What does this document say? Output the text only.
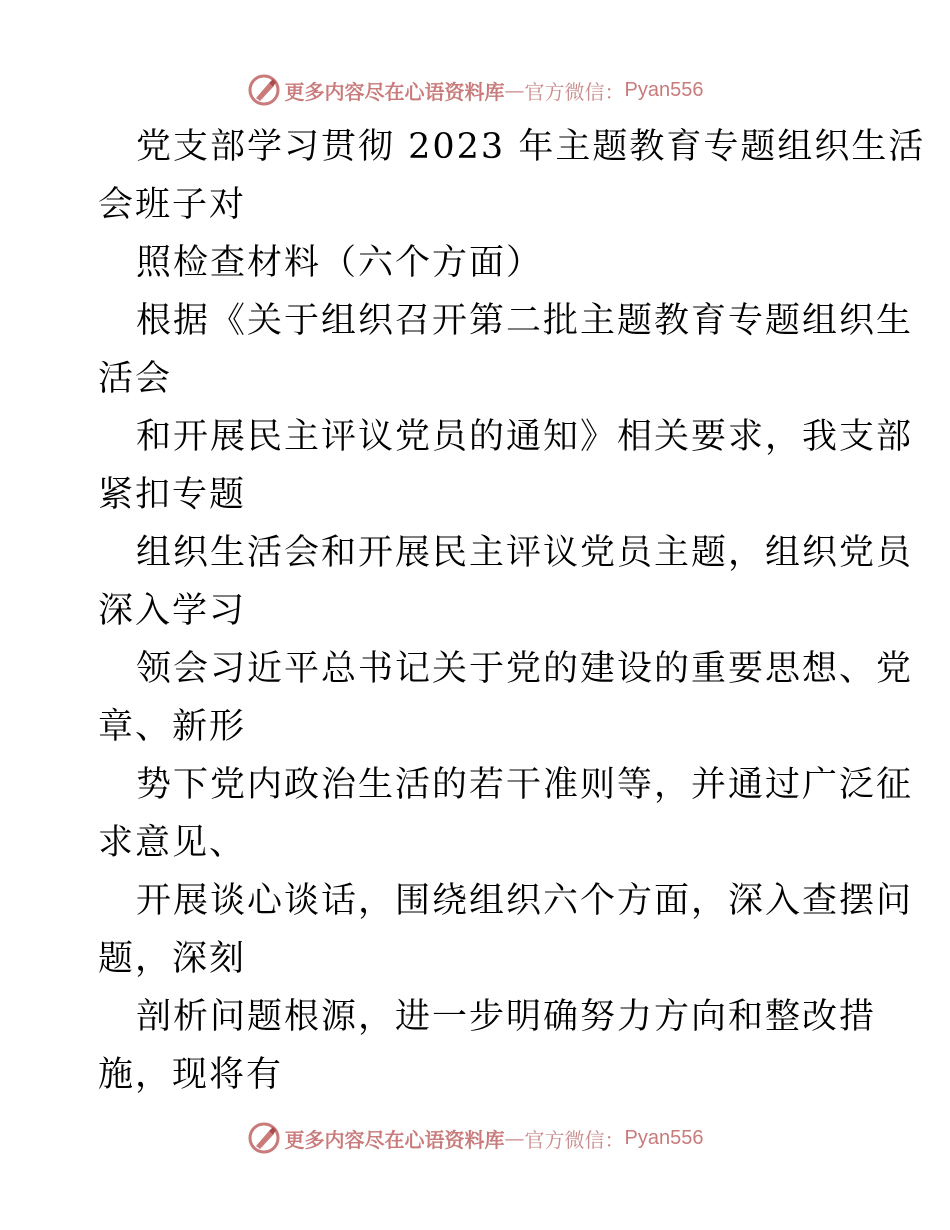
更多内容尽在心语资料库 — 官方微信： Pyan556
党支部学习贯彻 2023 年主题教育专题组织生活
会班子对
照检查材料（六个方面）
根据《关于组织召开第二批主题教育专题组织生
活会
和开展民主评议党员的通知》相关要求，我支部
紧扣专题
组织生活会和开展民主评议党员主题，组织党员
深入学习
领会习近平总书记关于党的建设的重要思想、党
章、新形
势下党内政治生活的若干准则等，并通过广泛征
求意见、
开展谈心谈话，围绕组织六个方面，深入查摆问
题，深刻
剖析问题根源，进一步明确努力方向和整改措
施，现将有
更多内容尽在心语资料库 — 官方微信： Pyan556
